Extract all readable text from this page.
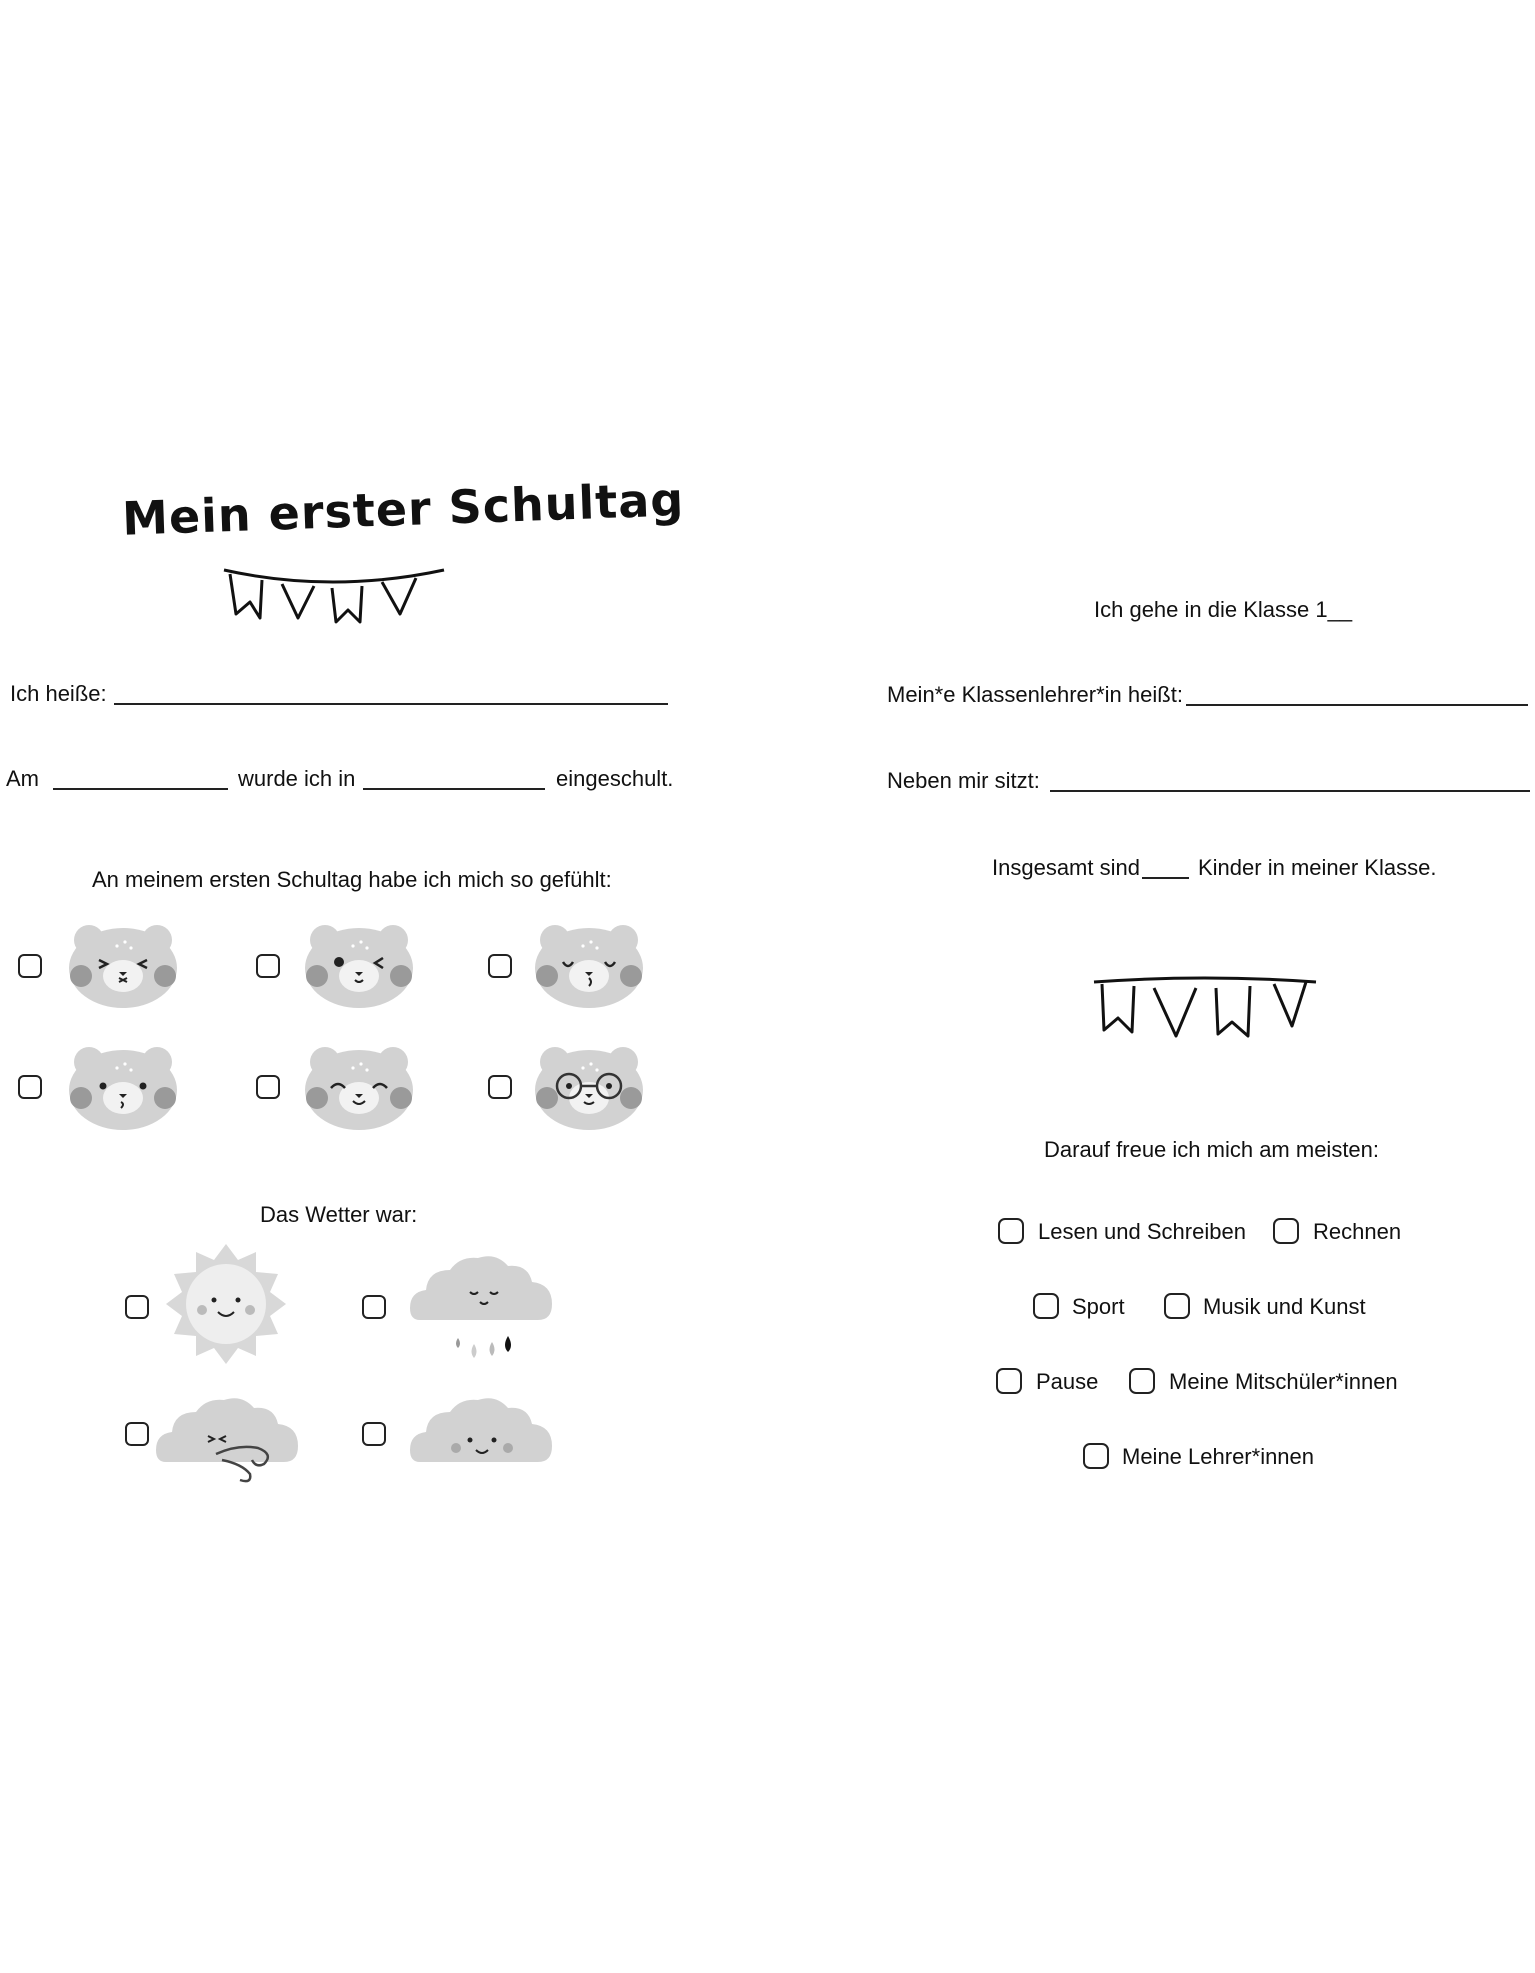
Mein erster Schultag
Ich heiße:
Am	wurde ich in	eingeschult.
An meinem ersten Schultag habe ich mich so gefühlt:
Das Wetter war:
Ich gehe in die Klasse 1__
Mein*e Klassenlehrer*in heißt:
Neben mir sitzt:
Insgesamt sind	Kinder in meiner Klasse.
Darauf freue ich mich am meisten:
Lesen und Schreiben	Rechnen
Sport	Musik und Kunst
Pause	Meine Mitschüler*innen
Meine Lehrer*innen
